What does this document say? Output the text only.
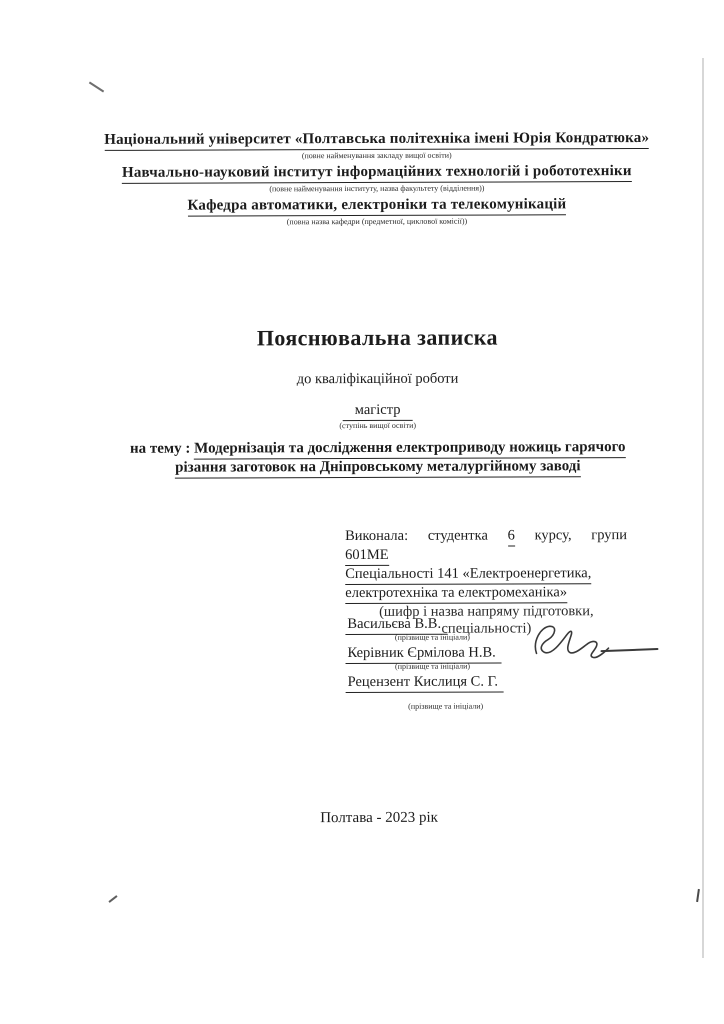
Національний університет «Полтавська політехніка імені Юрія Кондратюка»
(повне найменування закладу вищої освіти)
Навчально-науковий інститут інформаційних технологій і робототехніки
(повне найменування інституту, назва факультету (відділення))
Кафедра автоматики, електроніки та телекомунікацій
(повна назва кафедри (предметної, циклової комісії))
Пояснювальна записка
до кваліфікаційної роботи
магістр
(ступінь вищої освіти)
на тему : Модернізація та дослідження електроприводу ножиць гарячого
різання заготовок на Дніпровському металургійному заводі
Виконала: студентка 6 курсу, групи
601МЕ
Спеціальності 141 «Електроенергетика,
електротехніка та електромеханіка»
(шифр і назва напряму підготовки, спеціальності)
Васильєва В.В.
(прізвище та ініціали)
Керівник Єрмілова Н.В.
(прізвище та ініціали)
Рецензент Кислиця С. Г.
(прізвище та ініціали)
Полтава - 2023 рік
